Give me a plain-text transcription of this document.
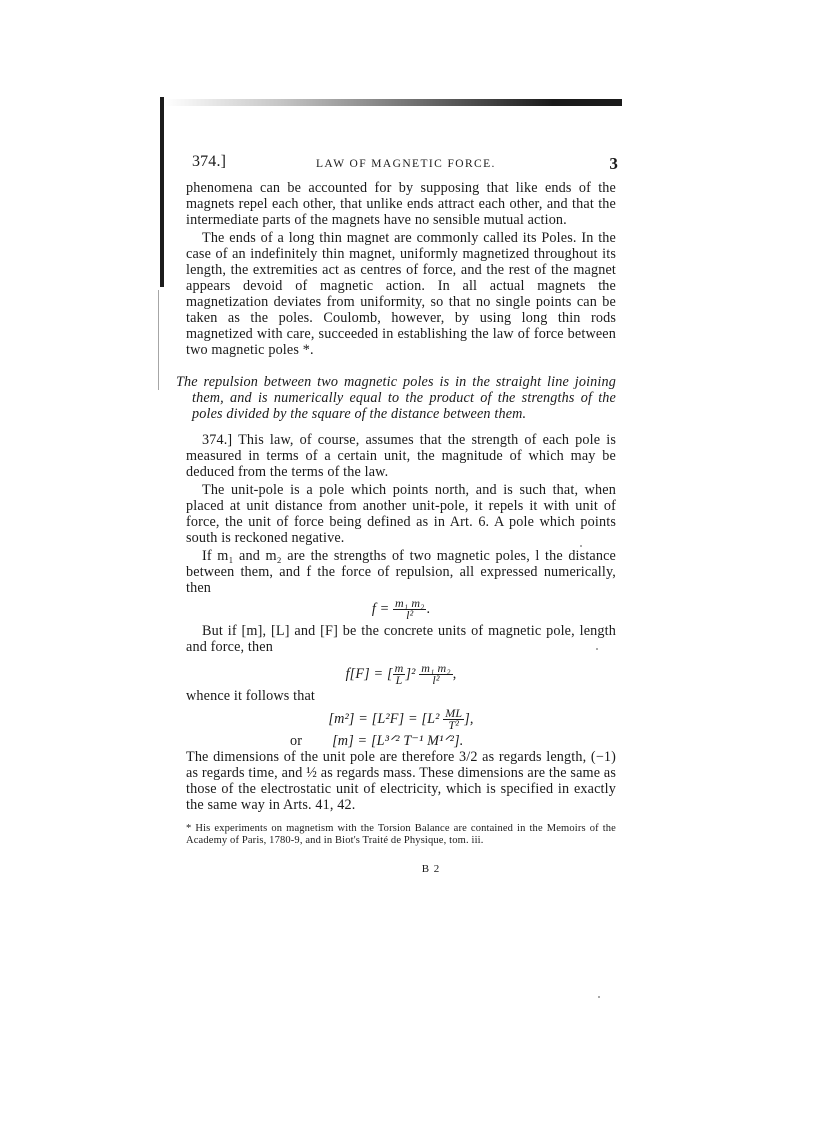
374.]	LAW OF MAGNETIC FORCE.	3

phenomena can be accounted for by supposing that like ends of the magnets repel each other, that unlike ends attract each other, and that the intermediate parts of the magnets have no sensible mutual action.

The ends of a long thin magnet are commonly called its Poles. In the case of an indefinitely thin magnet, uniformly magnetized throughout its length, the extremities act as centres of force, and the rest of the magnet appears devoid of magnetic action. In all actual magnets the magnetization deviates from uniformity, so that no single points can be taken as the poles. Coulomb, however, by using long thin rods magnetized with care, succeeded in establishing the law of force between two magnetic poles *.

The repulsion between two magnetic poles is in the straight line joining them, and is numerically equal to the product of the strengths of the poles divided by the square of the distance between them.

374.] This law, of course, assumes that the strength of each pole is measured in terms of a certain unit, the magnitude of which may be deduced from the terms of the law.

The unit-pole is a pole which points north, and is such that, when placed at unit distance from another unit-pole, it repels it with unit of force, the unit of force being defined as in Art. 6. A pole which points south is reckoned negative.

If m₁ and m₂ are the strengths of two magnetic poles, l the distance between them, and f the force of repulsion, all expressed numerically, then

$f = \frac{\text{m₁ m₂}}{\text{l²}}$ .

But if [m], [L] and [F] be the concrete units of magnetic pole, length and force, then

f[F] = [ $\frac{m}{L} ]^2 \frac{\text{m₁ m₂}}{\text{l²}}$ ,

whence it follows that

$[m^2] = [L^2F] = [L^2 \frac{ML}{\text{T²}}$ ],
or [m] = [L³ᐟ² T⁻¹ M¹ᐟ²].

The dimensions of the unit pole are therefore 3/2 as regards length, (−1) as regards time, and ½ as regards mass. These dimensions are the same as those of the electrostatic unit of electricity, which is specified in exactly the same way in Arts. 41, 42.

* His experiments on magnetism with the Torsion Balance are contained in the Memoirs of the Academy of Paris, 1780-9, and in Biot's Traité de Physique, tom. iii.

B 2
